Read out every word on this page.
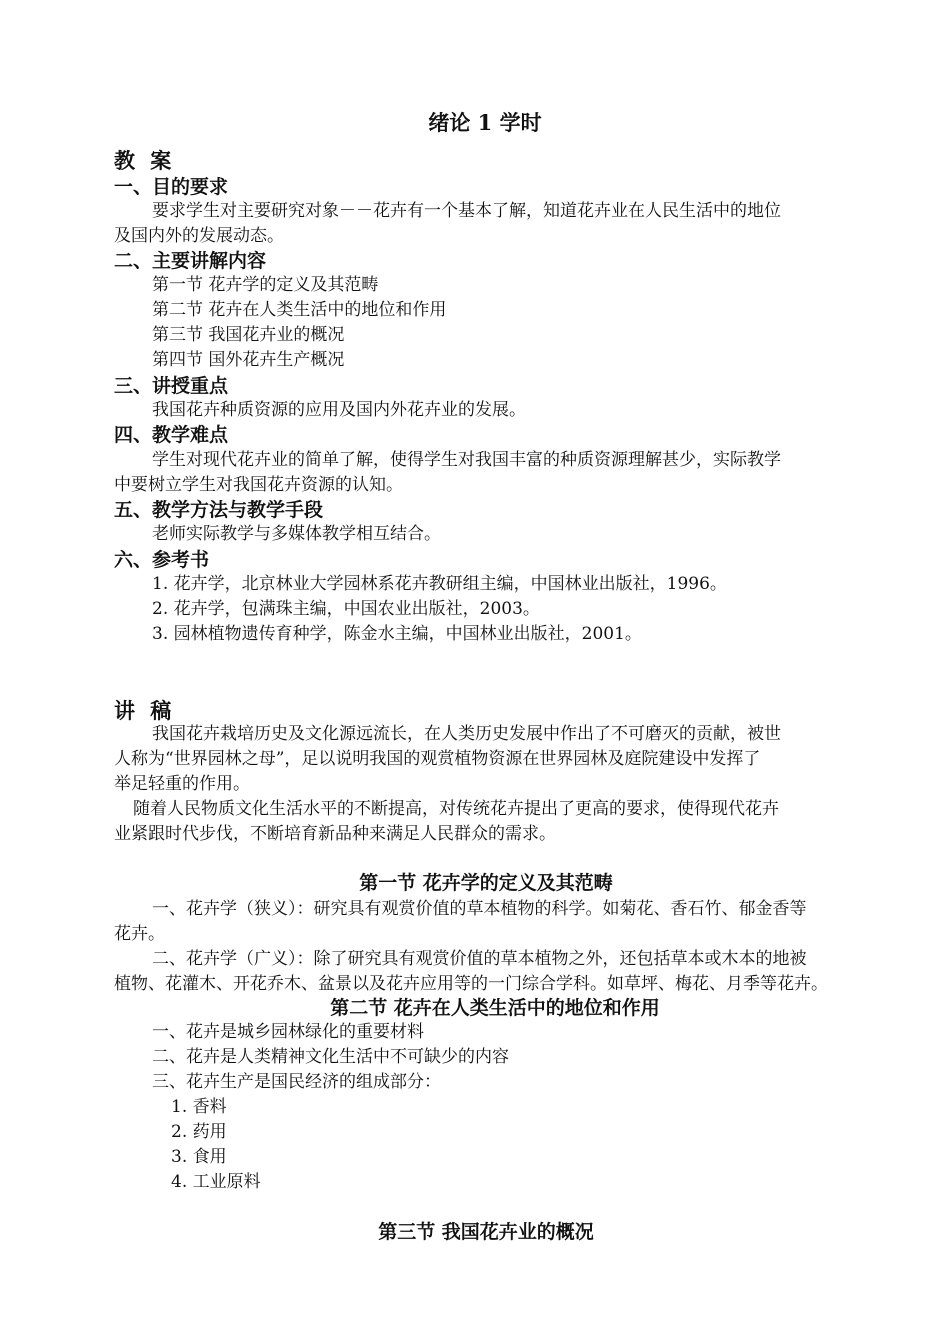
绪论 1 学时
教 案
一、目的要求
要求学生对主要研究对象－－花卉有一个基本了解，知道花卉业在人民生活中的地位
及国内外的发展动态。
二、主要讲解内容
第一节 花卉学的定义及其范畴
第二节 花卉在人类生活中的地位和作用
第三节 我国花卉业的概况
第四节 国外花卉生产概况
三、讲授重点
我国花卉种质资源的应用及国内外花卉业的发展。
四、教学难点
学生对现代花卉业的简单了解，使得学生对我国丰富的种质资源理解甚少，实际教学
中要树立学生对我国花卉资源的认知。
五、教学方法与教学手段
老师实际教学与多媒体教学相互结合。
六、参考书
1. 花卉学，北京林业大学园林系花卉教研组主编，中国林业出版社，1996。
2. 花卉学，包满珠主编，中国农业出版社，2003。
3. 园林植物遗传育种学，陈金水主编，中国林业出版社，2001。
讲 稿
我国花卉栽培历史及文化源远流长，在人类历史发展中作出了不可磨灭的贡献，被世
人称为“世界园林之母”，足以说明我国的观赏植物资源在世界园林及庭院建设中发挥了
举足轻重的作用。
随着人民物质文化生活水平的不断提高，对传统花卉提出了更高的要求，使得现代花卉
业紧跟时代步伐，不断培育新品种来满足人民群众的需求。
第一节 花卉学的定义及其范畴
一、花卉学（狭义）：研究具有观赏价值的草本植物的科学。如菊花、香石竹、郁金香等
花卉。
二、花卉学（广义）：除了研究具有观赏价值的草本植物之外，还包括草本或木本的地被
植物、花灌木、开花乔木、盆景以及花卉应用等的一门综合学科。如草坪、梅花、月季等花卉。
第二节 花卉在人类生活中的地位和作用
一、花卉是城乡园林绿化的重要材料
二、花卉是人类精神文化生活中不可缺少的内容
三、花卉生产是国民经济的组成部分：
1. 香料
2. 药用
3. 食用
4. 工业原料
第三节 我国花卉业的概况
